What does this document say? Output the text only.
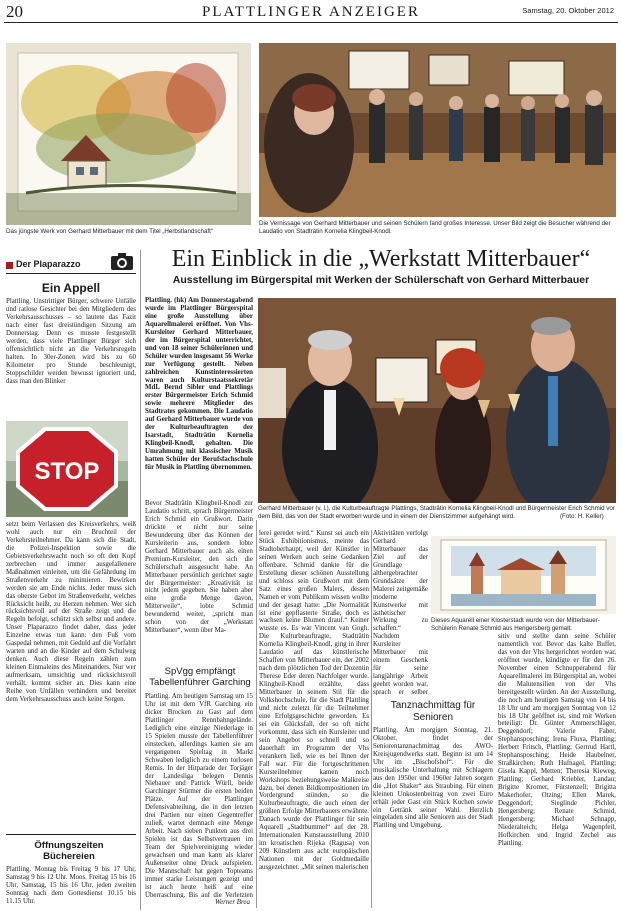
20	PLATTLINGER ANZEIGER	Samstag, 20. Oktober 2012
Das jüngste Werk von Gerhard Mitterbauer mit dem Titel „Herbstlandschaft“
Die Vernissage von Gerhard Mitterbauer und seinen Schülern fand großes Interesse. Unser Bild zeigt die Besucher während der Laudatio von Stadträtin Kornelia Klingbeil-Knodl.
Der Plaparazzo
Ein Appell
Plattling. Unstrittiger Bürger, schwere Unfälle und ratlose Gesichter bei den Mitgliedern des Verkehrsausschusses – so lautete das Fazit nach einer fast dreistündigen Sitzung am Donnerstag. Denn es musste festgestellt werden, dass viele Plattlinger Bürger sich offensichtlich nicht an die Verkehrsregeln halten. In 30er-Zonen wird bis zu 60 Kilometer pro Stunde beschleunigt, Stoppschilder werden bewusst ignoriert und, dass man den Blinker
STOP
setzt beim Verlassen des Kreisverkehrs, weiß wohl auch nur ein Bruchteil der Verkehrsteilnehmer. Da kann sich die Stadt, die Polizei-Inspektion sowie die Gebietsverkehrswacht noch so oft den Kopf zerbrechen und immer ausgefallenere Maßnahmen einleiten, um die Gefährdung im Straßenverkehr zu minimieren. Bewirken werden sie am Ende nichts. Jeder muss sich das oberste Gebot im Straßenverkehr, welches Rücksicht heißt, zu Herzen nehmen. Wer sich rücksichtsvoll auf der Straße zeigt und die Regeln befolgt, schützt sich selbst und andere. Unser Plaparazzo findet daher, dass jeder Einzelne etwas tun kann: den Fuß vom Gaspedal nehmen, mit Geduld auf die Vorfahrt warten und an die Kinder auf dem Schulweg denken. Auch diese Regeln zählen zum kleinen Einmaleins des Miteinanders. Nur wer aufmerksam, umsichtig und rücksichtsvoll verhält, kommt sicher an. Dies kann eine Reihe von Unfällen verhindern und bereitet dem Verkehrsausschuss auch keine Sorgen.
Öffnungszeiten Büchereien
Plattling. Montag bis Freitag 9 bis 17 Uhr, Samstag 9 bis 12 Uhr. Moos. Freitag 15 bis 16 Uhr, Samstag, 15 bis 16 Uhr, jeden zweiten Sonntag nach dem Gottesdienst 10.15 bis 11.15 Uhr.
Ein Einblick in die „Werkstatt Mitterbauer“
Ausstellung im Bürgerspital mit Werken der Schülerschaft von Gerhard Mitterbauer
Plattling. (hk) Am Donnerstagabend wurde im Plattlinger Bürgerspital eine große Ausstellung über Aquarellmalerei eröffnet. Von Vhs-Kursleiter Gerhard Mitterbauer, der im Bürgerspital unterrichtet, und von 18 seiner Schülerinnen und Schüler wurden insgesamt 56 Werke zur Verfügung gestellt. Neben zahlreichen Kunstinteressierten waren auch Kulturstaatssekretär MdL Bernd Sibler und Plattlings erster Bürgermeister Erich Schmid sowie mehrere Mitglieder des Stadtrates gekommen. Die Laudatio auf Gerhard Mitterbauer wurde von der Kulturbeauftragten der Isarstadt, Stadträtin Kornelia Klingbeil-Knodl, gehalten. Die Umrahmung mit klassischer Musik hatten Schüler der Berufsfachschule für Musik in Plattling übernommen.
Gerhard Mitterbauer (v. l.), die Kulturbeauftragte Plattlings, Stadträtin Kornelia Klingbeil-Knodl und Bürgermeister Erich Schmid vor dem Bild, das von der Stadt erworben wurde und in einem der Dienstzimmer aufgehängt wird.	(Foto: H. Keller)
Bevor Stadträtin Klingbeil-Knodl zur Laudatio schritt, sprach Bürgermeister Erich Schmid ein Grußwort. Darin drückte er nicht nur seine Bewunderung über das Können der Kursleiterin aus, sondern lobte Gerhard Mitterbauer auch als einen Premium-Kursleiter, den sich die Schülerschaft ausgesucht habe. An Mitterbauer persönlich gerichtet sagte der Bürgermeister: „Kreativität ist nicht jedem gegeben. Sie haben aber eine große Menge davon, Mitterweile“, lobte Schmid bewundernd weiter, „spricht man schon von der „Werkstatt Mitterbauer“, wenn über Ma-
SpVgg empfängt Tabellenführer Garching
Plattling. Am heutigen Samstag um 15 Uhr ist mit dem VfR Garching ein dicker Brocken zu Gast auf dem Plattlinger Rennbahngelände. Lediglich eine einzige Niederlage in 15 Spielen musste der Tabellenführer einstecken, allerdings kamen sie am vergangenen Spieltag in Markt Schwaben lediglich zu einem torlosen Remis. In der Hitparade der Torjäger der Landesliga belegen Dennis Niebauer und Patrick Würll, beide Garchinger Stürmer die ersten beiden Plätze. Auf der Plattlinger Defensivabteilung, die in den letzten drei Partien nur einen Gegentreffer zuließ, wartet demnach eine Menge Arbeit. Nach sieben Punkten aus drei Spielen ist das Selbstvertrauen im Team der Spielvereinigung wieder gewachsen und man kann als klarer Außenseiter ohne Druck aufspielen. Die Mannschaft hat gegen Topteams immer starke Leistungen gezeigt und ist auch heute heiß auf eine Überraschung. Bis auf die Verletzten
Werner Brea
lerei geredet wird.“ Kunst sei auch ein Stück Exhibitionismus, meinte das Stadtoberhaupt, weil der Künstler in seinen Werken auch seine Gedanken offenbare. Schmid dankte für die Erstellung dieser schönen Ausstellung und schloss sein Grußwort mit dem Satz eines großen Malers, dessen Namen er vom Publikum wissen wollte und der gesagt hatte: „Die Normalität ist eine gepflasterte Straße, doch es wachsen keine Blumen drauf.“ Keiner wusste es. Es war Vincent van Gogh. Die Kulturbeauftragte, Stadträtin Kornelia Klingbeil-Knodl, ging in ihrer Laudatio auf das künstlerische Schaffen von Mitterbauer ein, der 2002 nach dem plötzlichen Tod der Dozentin Therese Eder deren Nachfolger wurde. Klingbeil-Knodl erzählte, dass Mitterbauer in seinem Stil für die Volkshochschule, für die Stadt Plattling und nicht zuletzt für die Teilnehmer eine Erfolgsgeschichte geworden. Es sei ein Glücksfall, der so oft nicht vorkommt, dass sich ein Kursleiter und sein Angebot so schnell und so dauerhaft im Programm der Vhs verankern ließ, wie es bei Ihnen der Fall war. Für die fortgeschrittenen Kursteilnehmer kamen noch Workshops beziehungsweise Malkreise dazu, bei denen Bildkompositionen im Vordergrund stünden, so die Kulturbeauftragte, die auch einen der größten Erfolge Mitterbauers erwähnte. Danach wurde der Plattlinger für sein Aquarell „Stadtbummel“ auf der 28. Internationalen Kunstausstellung 2010 im kroatischen Rijeka (Ragusa) von 209 Künstlern aus acht europäischen Nationen mit der Goldmedaille ausgezeichnet. „Mit seinen malerischen
Aktivitäten verfolgt Gerhard Mitterbauer das Ziel auf der Grundlage althergebrachter Grundsätze der Malerei zeitgemäße moderne Kunstwerke mit ästhetischer Wirkung zu schaffen.“ Nachdem Kursleiter Mitterbauer mit einem Geschenk für seine langjährige Arbeit geehrt worden war, sprach er selber
Dieses Aquarell einer Klosterstadt wurde von der Mitterbauer-Schülerin Renate Schmid aus Hengersberg gemalt.
Tanznachmittag für Senioren
Plattling. Am morgigen Sonntag, 21. Oktober, findet der Seniorentanznachmittag des AWO-Kreisjugendwerks statt. Beginn ist um 14 Uhr im „Bischofshof“. Für die musikalische Unterhaltung mit Schlagern aus den 1950er und 1960er Jahren sorgen die „Hot Shaker“ aus Straubing. Für einen kleinen Unkostenbeitrag von zwei Euro erhält jeder Gast ein Stück Kuchen sowie ein Getränk seiner Wahl. Herzlich eingeladen sind alle Senioren aus der Stadt Plattling und Umgebung.
sitiv und stellte dann seine Schüler namentlich vor. Bevor das kalte Buffet, das von der Vhs hergerichtet worden war, eröffnet wurde, kündigte er für den 26. November einen Schnupperabend für Aquarellmalerei im Bürgerspital an, wobei die Malutensilien von der Vhs bereitgestellt würden. An der Ausstellung, die noch am heutigen Samstag von 14 bis 18 Uhr und am morgigen Sonntag von 12 bis 18 Uhr geöffnet ist, sind mit Werken beteiligt: Dr. Günter Ammerschläger, Deggendorf; Valerie Faber, Stephansposching; Irena Fluxa, Plattling; Herbert Fritsch, Plattling; Gertrud Hartl, Stephansposching; Heide Haubelner, Straßkirchen; Ruth Hufnagel, Plattling; Gisela Kappl, Metten; Theresia Kieweg, Plattling; Gerhard Kriebler, Landau; Brigitte Kromer, Fürstenzell; Brigitta Makerhofer, Otzing; Ellen Marek, Deggendorf; Sieglinde Pichler, Hengersberg; Renate Schmid, Hengersberg; Michael Schnapp, Niederalteich; Helga Wagenpfeil, Hofkirchen und Ingrid Zechel aus Plattling.
